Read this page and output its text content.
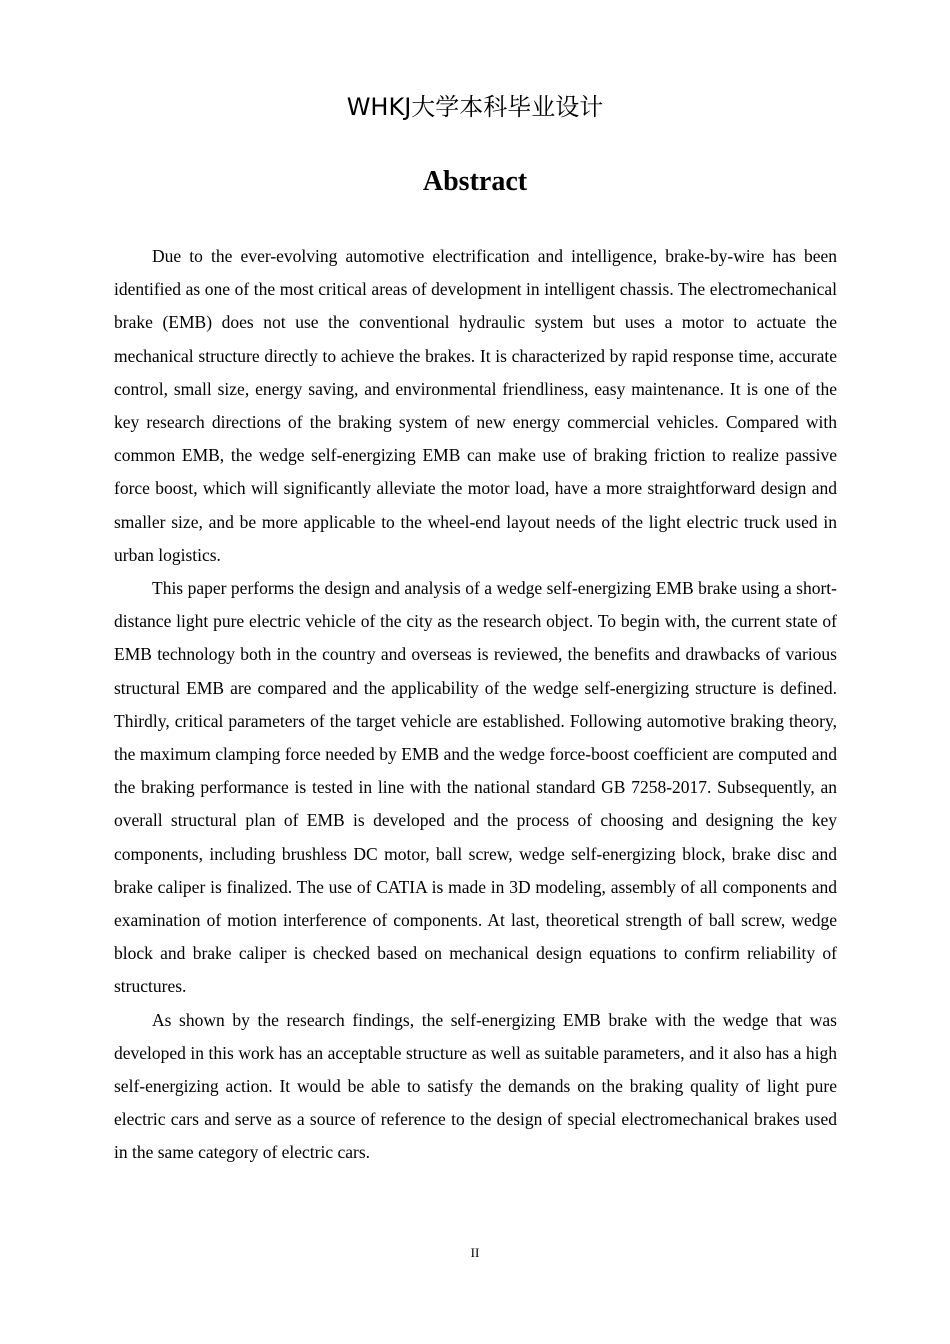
WHKJ大学本科毕业设计
Abstract

Due to the ever-evolving automotive electrification and intelligence, brake-by-wire has been identified as one of the most critical areas of development in intelligent chassis. The electromechanical brake (EMB) does not use the conventional hydraulic system but uses a motor to actuate the mechanical structure directly to achieve the brakes. It is characterized by rapid response time, accurate control, small size, energy saving, and environmental friendliness, easy maintenance. It is one of the key research directions of the braking system of new energy commercial vehicles. Compared with common EMB, the wedge self-energizing EMB can make use of braking friction to realize passive force boost, which will significantly alleviate the motor load, have a more straightforward design and smaller size, and be more applicable to the wheel-end layout needs of the light electric truck used in urban logistics.

This paper performs the design and analysis of a wedge self-energizing EMB brake using a short-distance light pure electric vehicle of the city as the research object. To begin with, the current state of EMB technology both in the country and overseas is reviewed, the benefits and drawbacks of various structural EMB are compared and the applicability of the wedge self-energizing structure is defined. Thirdly, critical parameters of the target vehicle are established. Following automotive braking theory, the maximum clamping force needed by EMB and the wedge force-boost coefficient are computed and the braking performance is tested in line with the national standard GB 7258-2017. Subsequently, an overall structural plan of EMB is developed and the process of choosing and designing the key components, including brushless DC motor, ball screw, wedge self-energizing block, brake disc and brake caliper is finalized. The use of CATIA is made in 3D modeling, assembly of all components and examination of motion interference of components. At last, theoretical strength of ball screw, wedge block and brake caliper is checked based on mechanical design equations to confirm reliability of structures.

As shown by the research findings, the self-energizing EMB brake with the wedge that was developed in this work has an acceptable structure as well as suitable parameters, and it also has a high self-energizing action. It would be able to satisfy the demands on the braking quality of light pure electric cars and serve as a source of reference to the design of special electromechanical brakes used in the same category of electric cars.

II
